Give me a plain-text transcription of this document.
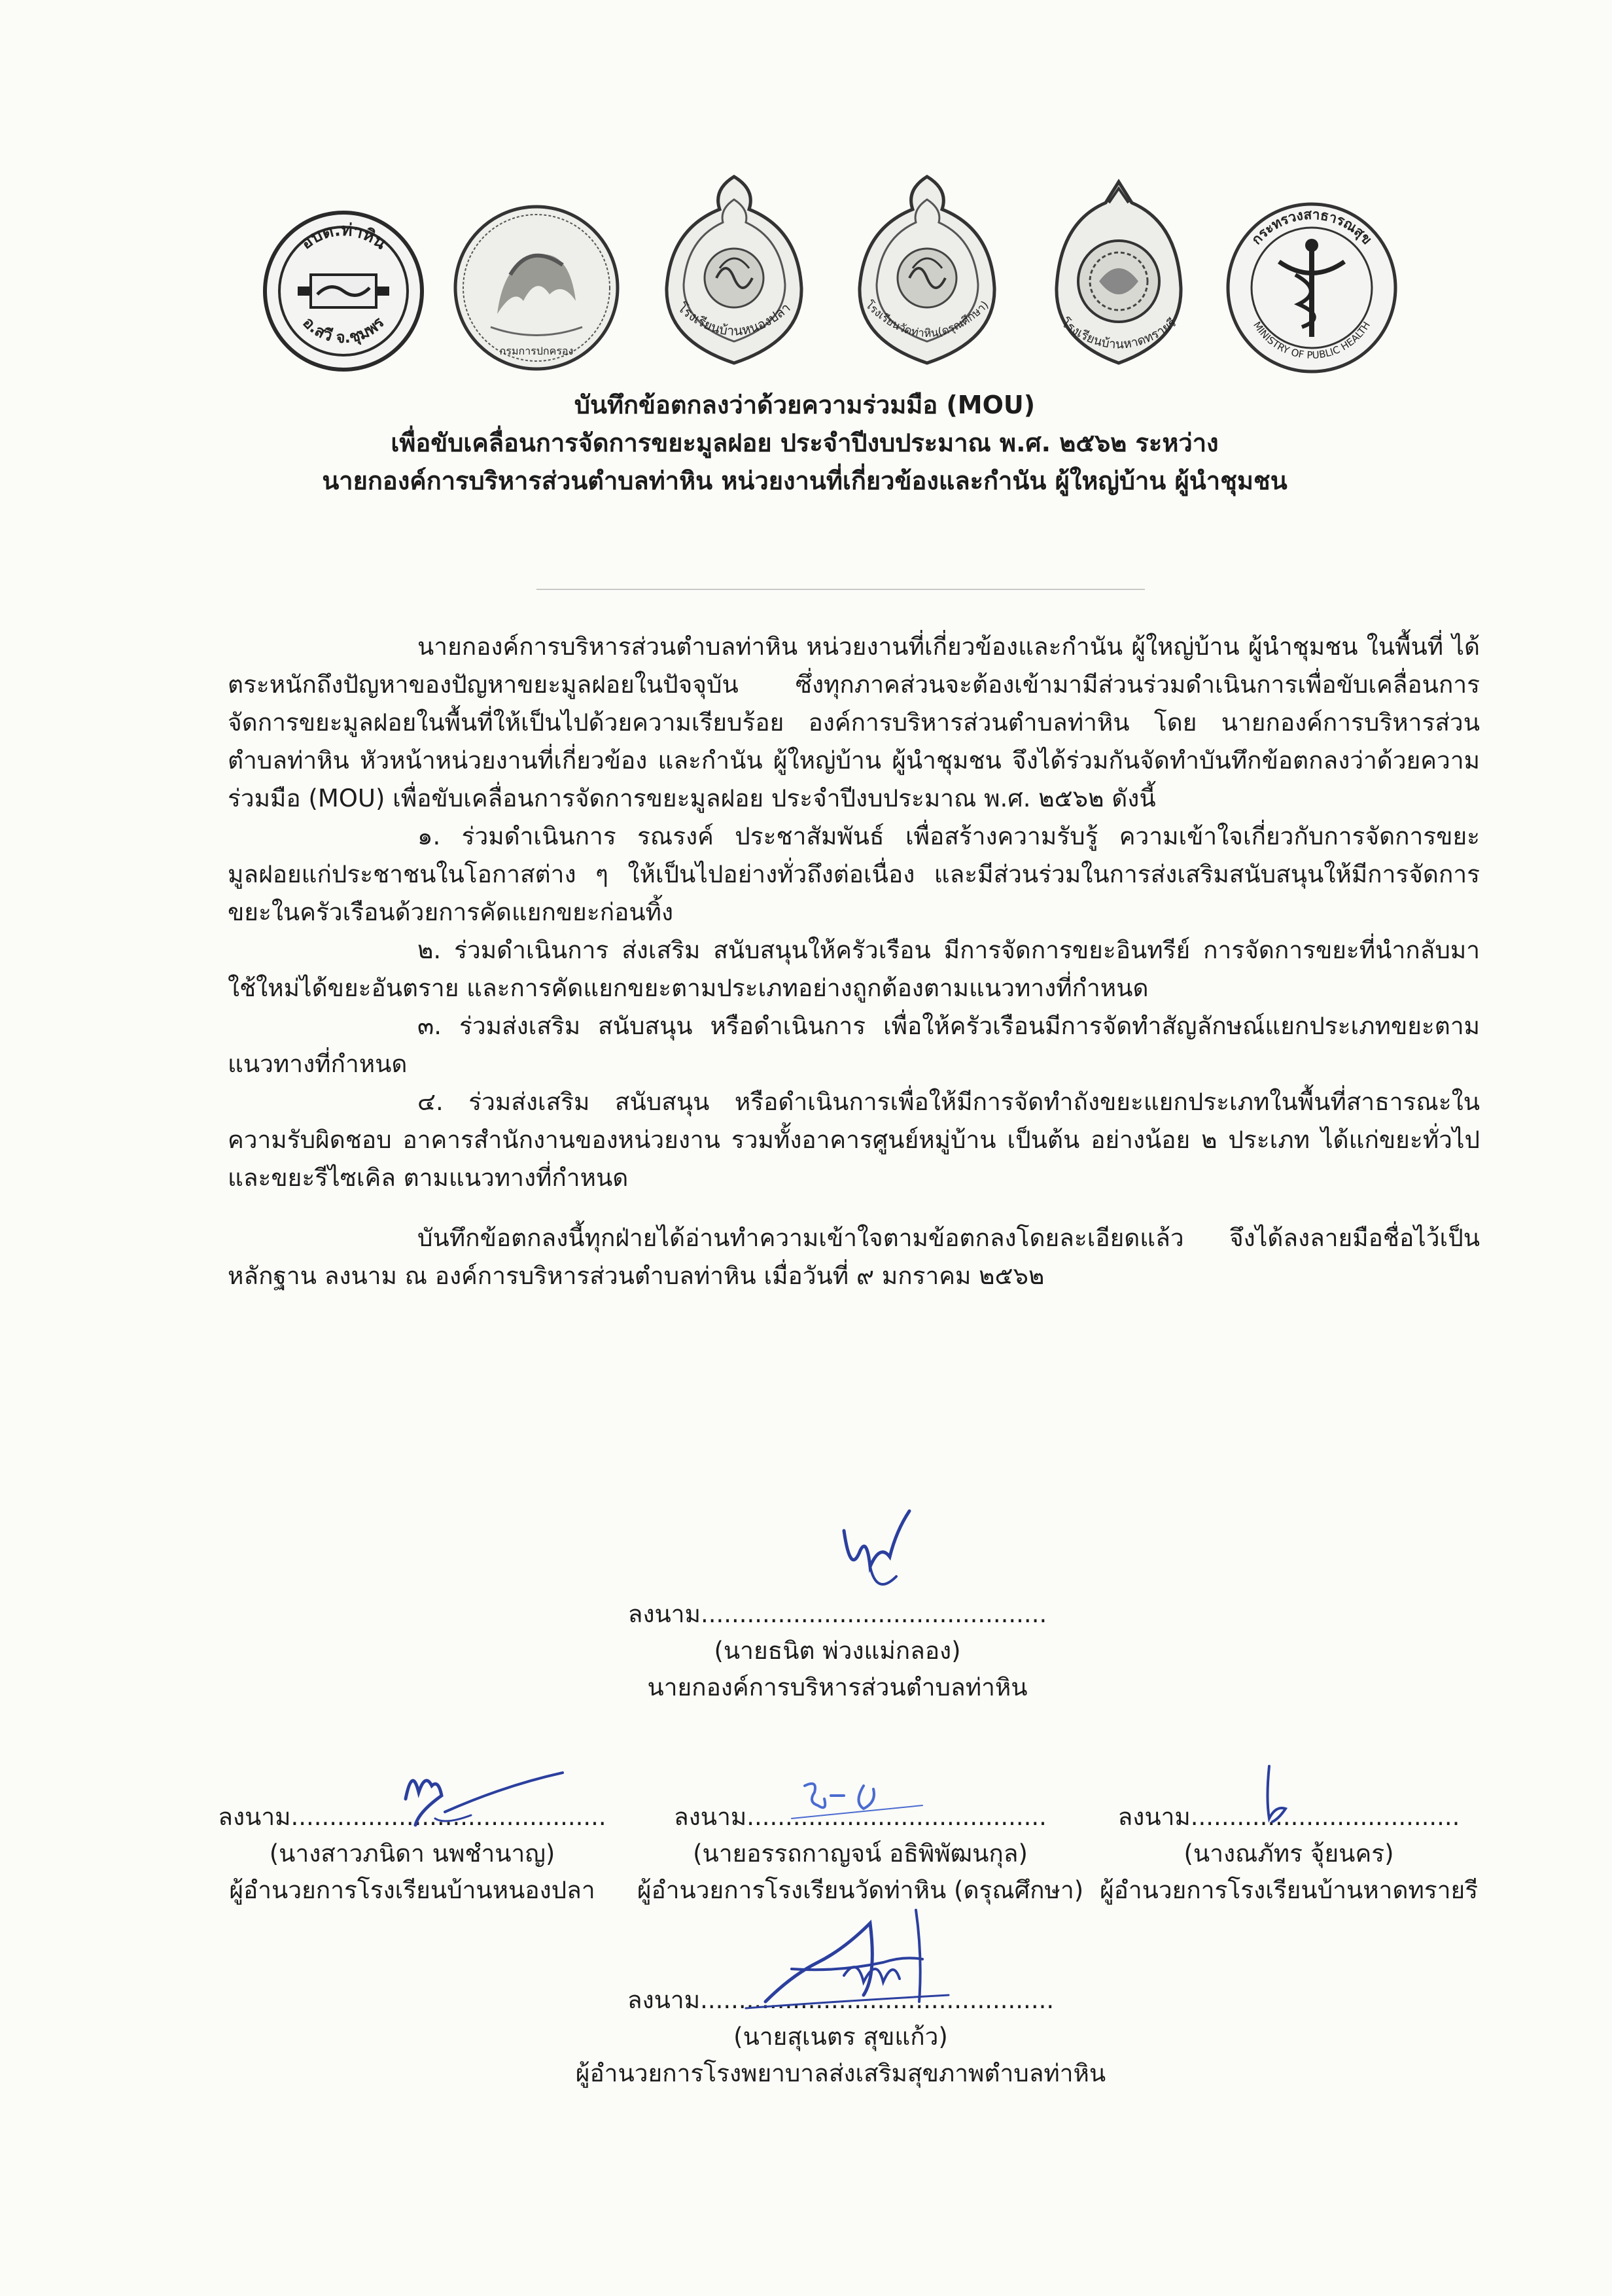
อบต.ท่าหิน
อ.สวี จ.ชุมพร
กรมการปกครอง
โรงเรียนบ้านหนองปลา	โรงเรียนวัดท่าหิน(ดรุณศึกษา)
โรงเรียนบ้านหาดทรายรี
กระทรวงสาธารณสุข
MINISTRY OF PUBLIC HEALTH
บันทึกข้อตกลงว่าด้วยความร่วมมือ (MOU)
เพื่อขับเคลื่อนการจัดการขยะมูลฝอย ประจำปีงบประมาณ พ.ศ. ๒๕๖๒ ระหว่าง
นายกองค์การบริหารส่วนตำบลท่าหิน หน่วยงานที่เกี่ยวข้องและกำนัน ผู้ใหญ่บ้าน ผู้นำชุมชน

นายกองค์การบริหารส่วนตำบลท่าหิน หน่วยงานที่เกี่ยวข้องและกำนัน ผู้ใหญ่บ้าน ผู้นำชุมชน ในพื้นที่ ได้ตระหนักถึงปัญหาของปัญหาขยะมูลฝอยในปัจจุบัน ซึ่งทุกภาคส่วนจะต้องเข้ามามีส่วนร่วมดำเนินการเพื่อขับเคลื่อนการจัดการขยะมูลฝอยในพื้นที่ให้เป็นไปด้วยความเรียบร้อย องค์การบริหารส่วนตำบลท่าหิน โดย นายกองค์การบริหารส่วนตำบลท่าหิน หัวหน้าหน่วยงานที่เกี่ยวข้อง และกำนัน ผู้ใหญ่บ้าน ผู้นำชุมชน จึงได้ร่วมกันจัดทำบันทึกข้อตกลงว่าด้วยความร่วมมือ (MOU) เพื่อขับเคลื่อนการจัดการขยะมูลฝอย ประจำปีงบประมาณ พ.ศ. ๒๕๖๒ ดังนี้

๑. ร่วมดำเนินการ รณรงค์ ประชาสัมพันธ์ เพื่อสร้างความรับรู้ ความเข้าใจเกี่ยวกับการจัดการขยะมูลฝอยแก่ประชาชนในโอกาสต่าง ๆ ให้เป็นไปอย่างทั่วถึงต่อเนื่อง และมีส่วนร่วมในการส่งเสริมสนับสนุนให้มีการจัดการขยะในครัวเรือนด้วยการคัดแยกขยะก่อนทิ้ง

๒. ร่วมดำเนินการ ส่งเสริม สนับสนุนให้ครัวเรือน มีการจัดการขยะอินทรีย์ การจัดการขยะที่นำกลับมาใช้ใหม่ได้ขยะอันตราย และการคัดแยกขยะตามประเภทอย่างถูกต้องตามแนวทางที่กำหนด

๓. ร่วมส่งเสริม สนับสนุน หรือดำเนินการ เพื่อให้ครัวเรือนมีการจัดทำสัญลักษณ์แยกประเภทขยะตามแนวทางที่กำหนด

๔. ร่วมส่งเสริม สนับสนุน หรือดำเนินการเพื่อให้มีการจัดทำถังขยะแยกประเภทในพื้นที่สาธารณะในความรับผิดชอบ อาคารสำนักงานของหน่วยงาน รวมทั้งอาคารศูนย์หมู่บ้าน เป็นต้น อย่างน้อย ๒ ประเภท ได้แก่ขยะทั่วไป และขยะรีไซเคิล ตามแนวทางที่กำหนด

บันทึกข้อตกลงนี้ทุกฝ่ายได้อ่านทำความเข้าใจตามข้อตกลงโดยละเอียดแล้ว จึงได้ลงลายมือชื่อไว้เป็นหลักฐาน ลงนาม ณ องค์การบริหารส่วนตำบลท่าหิน เมื่อวันที่ ๙ มกราคม ๒๕๖๒

ลงนาม.............................................
(นายธนิต พ่วงแม่กลอง)
นายกองค์การบริหารส่วนตำบลท่าหิน
ลงนาม.........................................
(นางสาวภนิดา นพชำนาญ)
ผู้อำนวยการโรงเรียนบ้านหนองปลา
ลงนาม.......................................
(นายอรรถกาญจน์ อธิพิพัฒนกุล)
ผู้อำนวยการโรงเรียนวัดท่าหิน (ดรุณศึกษา)
ลงนาม...................................
(นางณภัทร จุ้ยนคร)
ผู้อำนวยการโรงเรียนบ้านหาดทรายรี
ลงนาม..............................................
(นายสุเนตร สุขแก้ว)
ผู้อำนวยการโรงพยาบาลส่งเสริมสุขภาพตำบลท่าหิน
